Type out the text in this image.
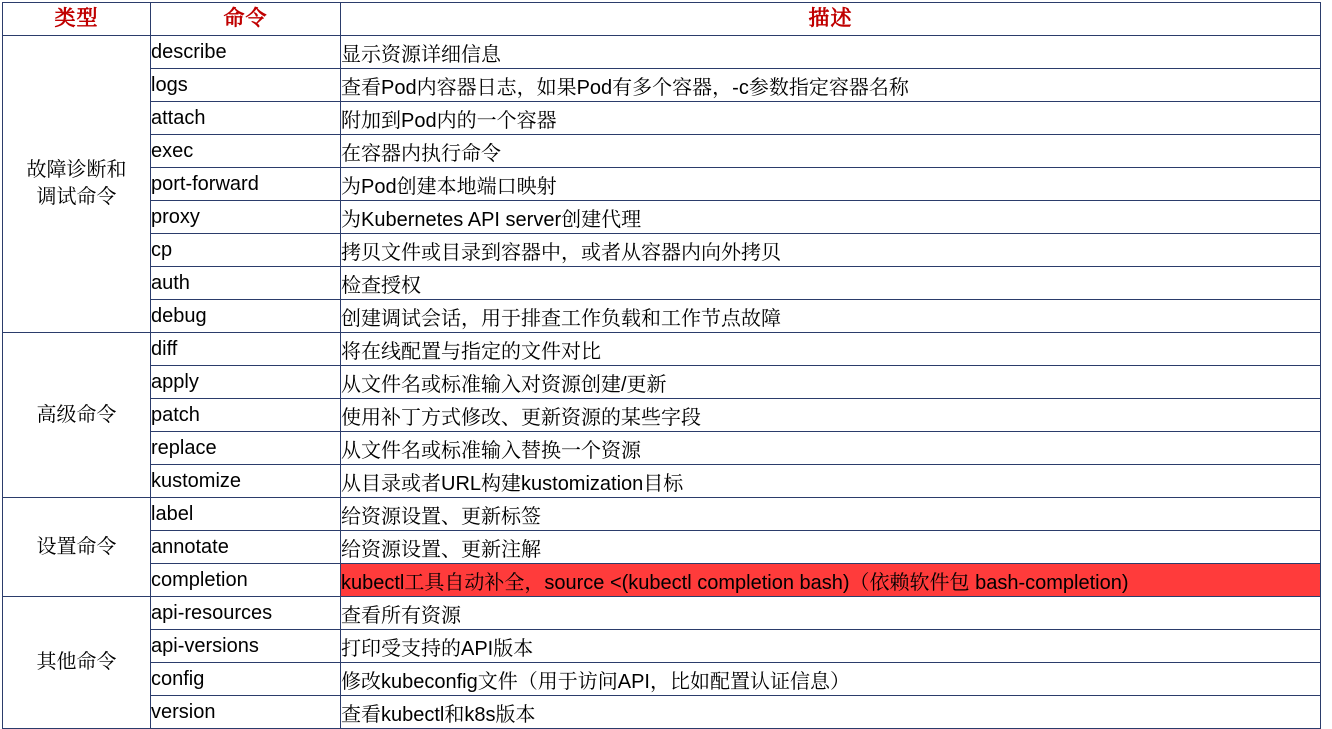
类型	命令	描述
故障诊断和
调试命令	describe	显示资源详细信息
	logs	查看Pod内容器日志，如果Pod有多个容器，-c参数指定容器名称
	attach	附加到Pod内的一个容器
	exec	在容器内执行命令
	port-forward	为Pod创建本地端口映射
	proxy	为Kubernetes API server创建代理
	cp	拷贝文件或目录到容器中，或者从容器内向外拷贝
	auth	检查授权
	debug	创建调试会话，用于排查工作负载和工作节点故障
高级命令	diff	将在线配置与指定的文件对比
	apply	从文件名或标准输入对资源创建/更新
	patch	使用补丁方式修改、更新资源的某些字段
	replace	从文件名或标准输入替换一个资源
	kustomize	从目录或者URL构建kustomization目标
设置命令	label	给资源设置、更新标签
	annotate	给资源设置、更新注解
	completion	kubectl工具自动补全，source <(kubectl completion bash)（依赖软件包 bash-completion)
其他命令	api-resources	查看所有资源
	api-versions	打印受支持的API版本
	config	修改kubeconfig文件（用于访问API，比如配置认证信息）
	version	查看kubectl和k8s版本
